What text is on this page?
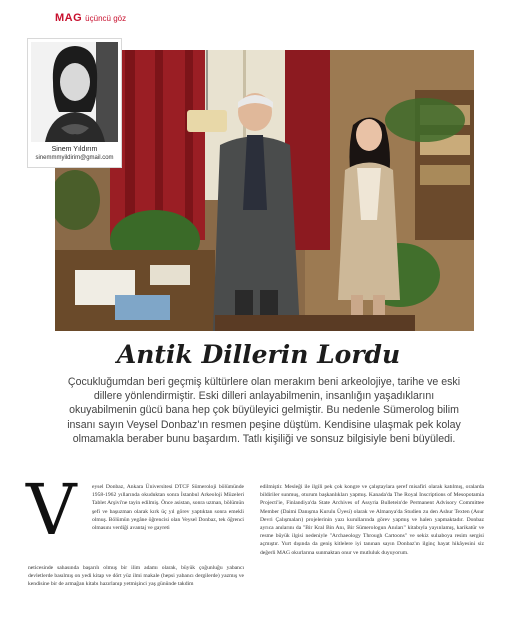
MAG üçüncü göz
Sinem Yıldırım
sinemmmyildirim@gmail.com
Antik Dillerin Lordu

Çocukluğumdan beri geçmiş kültürlere olan merakım beni arkeolojiye, tarihe ve eski dillere yönlendirmiştir. Eski dilleri anlayabilmenin, insanlığın yaşadıklarını okuyabilmenin gücü bana hep çok büyüleyici gelmiştir. Bu nedenle Sümerolog bilim insanı sayın Veysel Donbaz'ın resmen peşine düştüm. Kendisine ulaşmak pek kolay olmamakla beraber bunu başardım. Tatlı kişiliği ve sonsuz bilgisiyle beni büyüledi.

V	eysel Donbaz, Ankara Üniversitesi DTCF Sümeroloji bölümünde 1958-1962 yıllarında okuduktan sonra İstanbul Arkeoloji Müzeleri Tablet Arşivi'ne tayin edilmiş. Önce asistan, sonra uzman, bölümün şefi ve başuzman olarak kırk üç yıl görev yaptıktan sonra emekli olmuş. Bölümün yegâne öğrencisi olan Veysel Donbaz, tek öğrenci olmasını verdiği avantaj ve gayreti

neticesinde sahasında başarılı olmuş bir ilim adamı olarak, büyük çoğunluğu yabancı devletlerde basılmış on yedi kitap ve dört yüz ilmi makale (hepsi yabancı dergilerde) yazmış ve kendisine bir de armağan kitabı hazırlanıp yetmişinci yaş gününde takdim

edilmiştir. Mesleği ile ilgili pek çok kongre ve çalıştaylara şeref misafiri olarak katılmış, oralarda bildiriler sunmuş, oturum başkanlıkları yapmış. Kanada'da The Royal Inscriptions of Mesopotamia Projecti'ie, Finlandiya'da State Archives of Assyria Bulletein'de Permanent Advisory Committee Member (Daimi Danışma Kurulu Üyesi) olarak ve Almanya'da Studien zu den Ashur Texten (Asur Devri Çalışmaları) projelerinin yazı kurullarında görev yapmış ve halen yapmaktadır. Donbaz ayrıca anılarını da "Bir Kral Bin Anı, Bir Sümerologun Anıları" kitabıyla yayınlamış, karikatür ve resme büyük ilgisi nedeniyle "Archaeology Through Cartoons" ve sekiz sulıaboya resim sergisi açmıştır. Yurt dışında da geniş kitlelere iyi tanınan sayın Donbaz'ın ilginç hayat hikâyesini siz değerli MAG okurlarına sunmaktan onur ve mutluluk duyuyorum.
